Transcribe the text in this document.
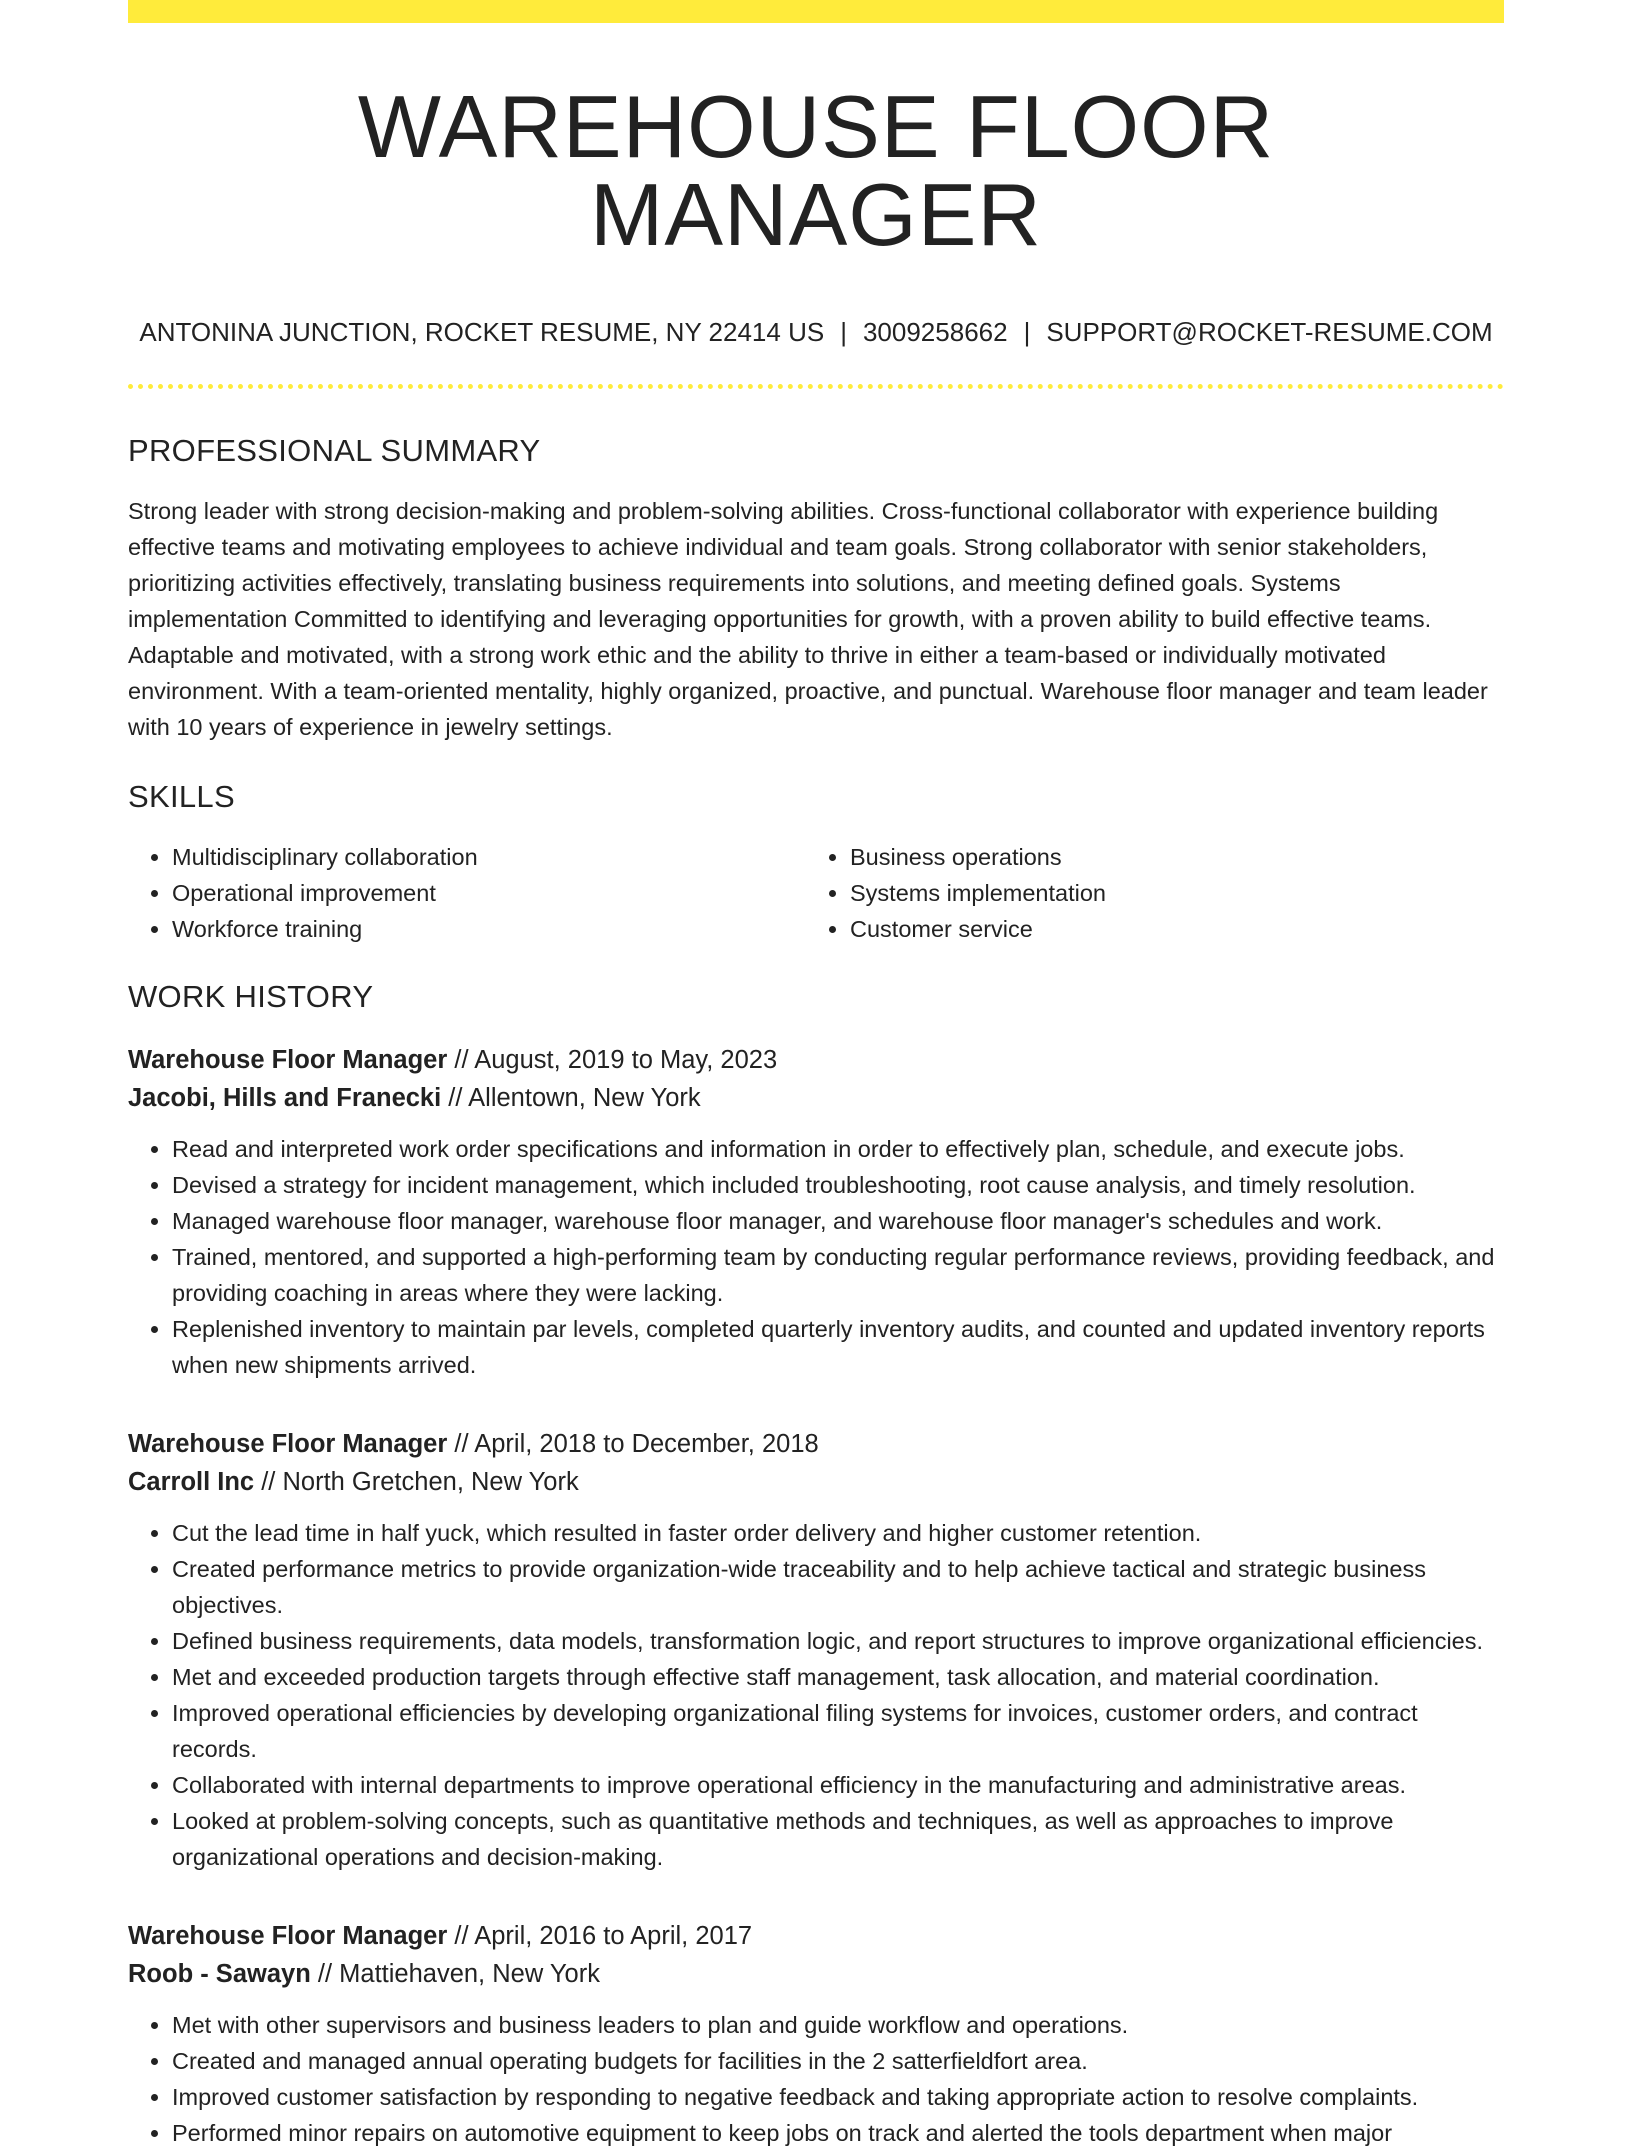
WAREHOUSE FLOOR MANAGER
ANTONINA JUNCTION, ROCKET RESUME, NY 22414 US | 3009258662 | SUPPORT@ROCKET-RESUME.COM
PROFESSIONAL SUMMARY

Strong leader with strong decision-making and problem-solving abilities. Cross-functional collaborator with experience building effective teams and motivating employees to achieve individual and team goals. Strong collaborator with senior stakeholders, prioritizing activities effectively, translating business requirements into solutions, and meeting defined goals. Systems implementation Committed to identifying and leveraging opportunities for growth, with a proven ability to build effective teams. Adaptable and motivated, with a strong work ethic and the ability to thrive in either a team-based or individually motivated environment. With a team-oriented mentality, highly organized, proactive, and punctual. Warehouse floor manager and team leader with 10 years of experience in jewelry settings.

SKILLS
• Multidisciplinary collaboration
• Operational improvement
• Workforce training
• Business operations
• Systems implementation
• Customer service
WORK HISTORY
Warehouse Floor Manager // August, 2019 to May, 2023
Jacobi, Hills and Franecki // Allentown, New York
• Read and interpreted work order specifications and information in order to effectively plan, schedule, and execute jobs.
• Devised a strategy for incident management, which included troubleshooting, root cause analysis, and timely resolution.
• Managed warehouse floor manager, warehouse floor manager, and warehouse floor manager's schedules and work.
• Trained, mentored, and supported a high-performing team by conducting regular performance reviews, providing feedback, and providing coaching in areas where they were lacking.
• Replenished inventory to maintain par levels, completed quarterly inventory audits, and counted and updated inventory reports when new shipments arrived.
Warehouse Floor Manager // April, 2018 to December, 2018
Carroll Inc // North Gretchen, New York
• Cut the lead time in half yuck, which resulted in faster order delivery and higher customer retention.
• Created performance metrics to provide organization-wide traceability and to help achieve tactical and strategic business objectives.
• Defined business requirements, data models, transformation logic, and report structures to improve organizational efficiencies.
• Met and exceeded production targets through effective staff management, task allocation, and material coordination.
• Improved operational efficiencies by developing organizational filing systems for invoices, customer orders, and contract records.
• Collaborated with internal departments to improve operational efficiency in the manufacturing and administrative areas.
• Looked at problem-solving concepts, such as quantitative methods and techniques, as well as approaches to improve organizational operations and decision-making.
Warehouse Floor Manager // April, 2016 to April, 2017
Roob - Sawayn // Mattiehaven, New York
• Met with other supervisors and business leaders to plan and guide workflow and operations.
• Created and managed annual operating budgets for facilities in the 2 satterfieldfort area.
• Improved customer satisfaction by responding to negative feedback and taking appropriate action to resolve complaints.
• Performed minor repairs on automotive equipment to keep jobs on track and alerted the tools department when major
